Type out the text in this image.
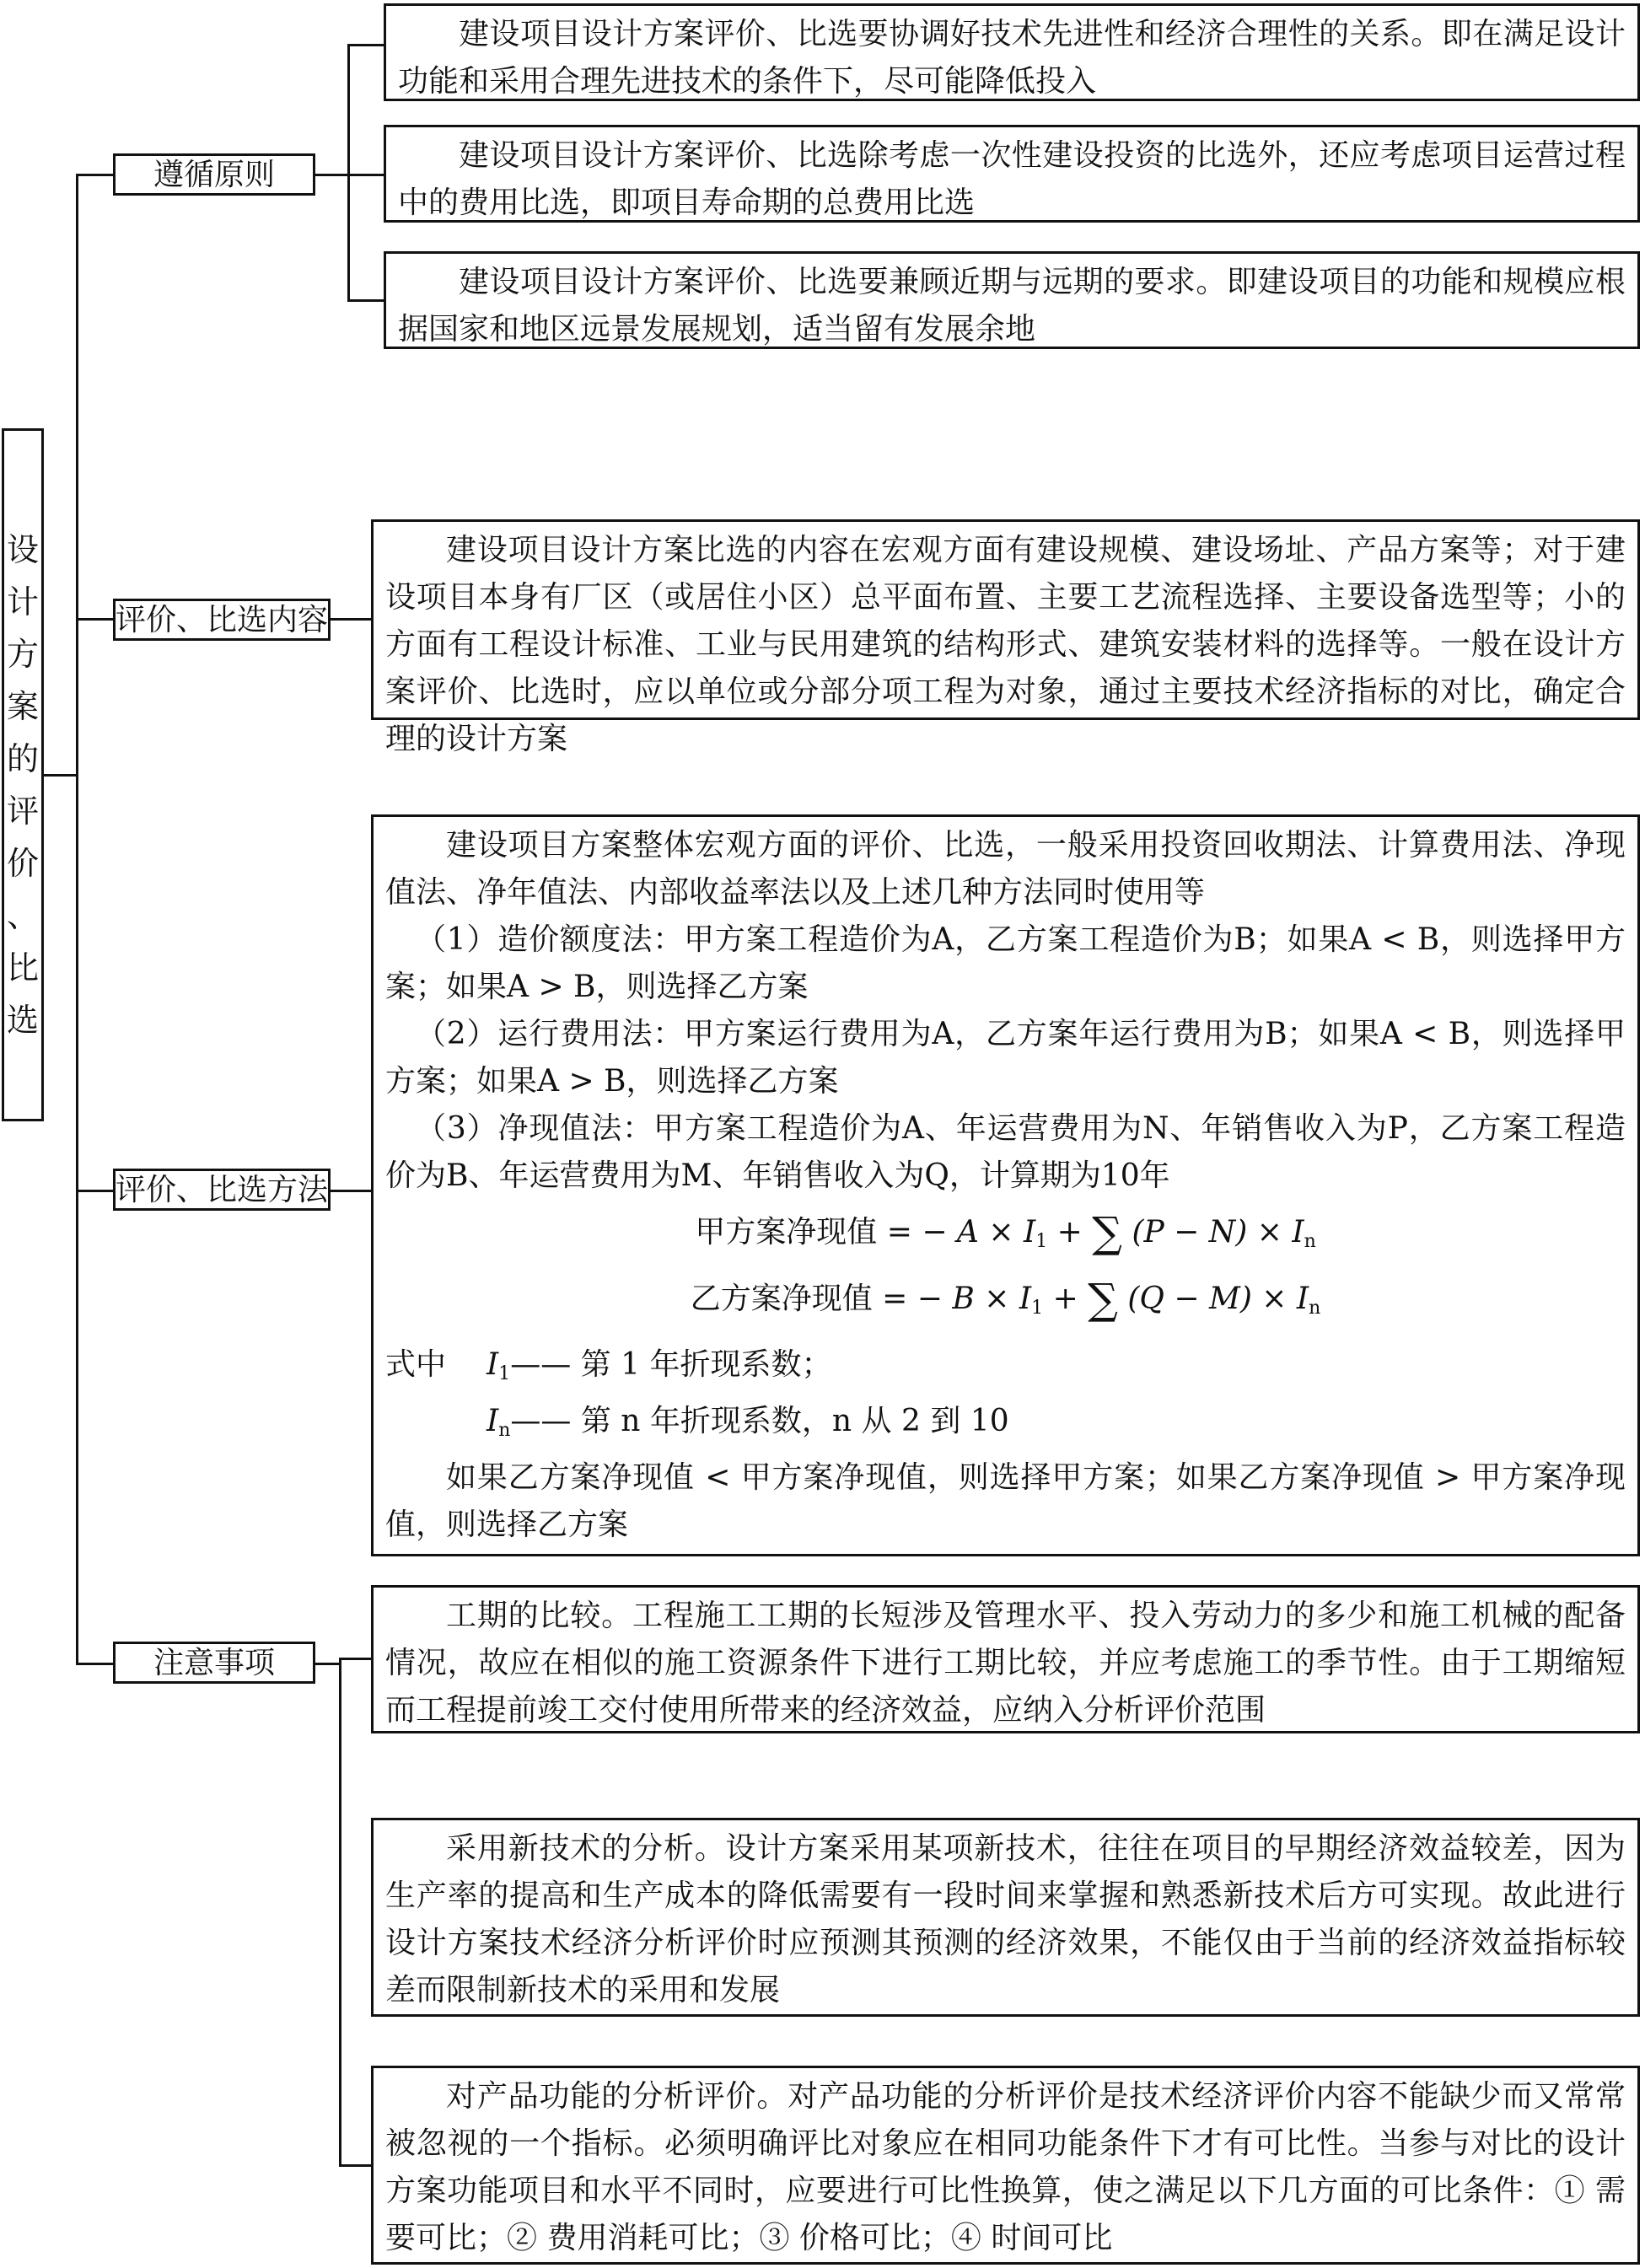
设
计
方
案
的
评
价
、
比
选
遵循原则

建设项目设计方案评价、比选要协调好技术先进性和经济合理性的关系。即在满足设计功能和采用合理先进技术的条件下，尽可能降低投入

建设项目设计方案评价、比选除考虑一次性建设投资的比选外，还应考虑项目运营过程中的费用比选，即项目寿命期的总费用比选

建设项目设计方案评价、比选要兼顾近期与远期的要求。即建设项目的功能和规模应根据国家和地区远景发展规划，适当留有发展余地

评价、比选内容

建设项目设计方案比选的内容在宏观方面有建设规模、建设场址、产品方案等；对于建设项目本身有厂区（或居住小区）总平面布置、主要工艺流程选择、主要设备选型等；小的方面有工程设计标准、工业与民用建筑的结构形式、建筑安装材料的选择等。一般在设计方案评价、比选时，应以单位或分部分项工程为对象，通过主要技术经济指标的对比，确定合理的设计方案

评价、比选方法

建设项目方案整体宏观方面的评价、比选，一般采用投资回收期法、计算费用法、净现值法、净年值法、内部收益率法以及上述几种方法同时使用等

（1）造价额度法：甲方案工程造价为A，乙方案工程造价为B；如果A < B，则选择甲方案；如果A > B，则选择乙方案

（2）运行费用法：甲方案运行费用为A，乙方案年运行费用为B；如果A < B，则选择甲方案；如果A > B，则选择乙方案

（3）净现值法：甲方案工程造价为A、年运营费用为N、年销售收入为P，乙方案工程造价为B、年运营费用为M、年销售收入为Q，计算期为10年

甲方案净现值 = − $A \times I_1$ + ∑ $(P - N) \times I_n$
乙方案净现值 = − $B \times I_1$ + ∑ $(Q - M) \times I_n$

式中 $I_1——$ 第 1 年折现系数；

$I_n——$ 第 n 年折现系数，n 从 2 到 10

如果乙方案净现值 < 甲方案净现值，则选择甲方案；如果乙方案净现值 > 甲方案净现值，则选择乙方案

注意事项

工期的比较。工程施工工期的长短涉及管理水平、投入劳动力的多少和施工机械的配备情况，故应在相似的施工资源条件下进行工期比较，并应考虑施工的季节性。由于工期缩短而工程提前竣工交付使用所带来的经济效益，应纳入分析评价范围

采用新技术的分析。设计方案采用某项新技术，往往在项目的早期经济效益较差，因为生产率的提高和生产成本的降低需要有一段时间来掌握和熟悉新技术后方可实现。故此进行设计方案技术经济分析评价时应预测其预测的经济效果，不能仅由于当前的经济效益指标较差而限制新技术的采用和发展

对产品功能的分析评价。对产品功能的分析评价是技术经济评价内容不能缺少而又常常被忽视的一个指标。必须明确评比对象应在相同功能条件下才有可比性。当参与对比的设计方案功能项目和水平不同时，应要进行可比性换算，使之满足以下几方面的可比条件：① 需要可比；② 费用消耗可比；③ 价格可比；④ 时间可比
